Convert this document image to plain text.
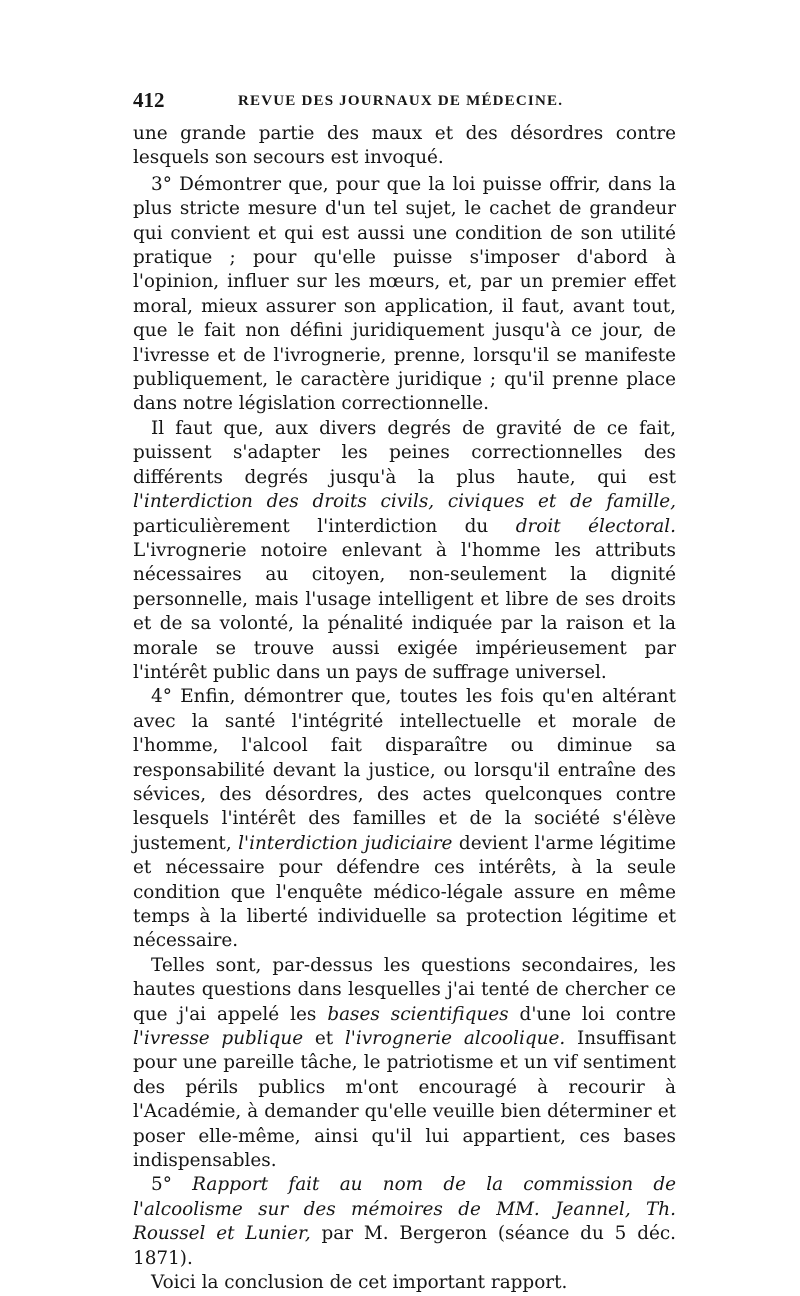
412	REVUE DES JOURNAUX DE MÉDECINE.

une grande partie des maux et des désordres contre lesquels son secours est invoqué.

3° Démontrer que, pour que la loi puisse offrir, dans la plus stricte mesure d'un tel sujet, le cachet de grandeur qui convient et qui est aussi une condition de son utilité pratique ; pour qu'elle puisse s'imposer d'abord à l'opinion, influer sur les mœurs, et, par un premier effet moral, mieux assurer son application, il faut, avant tout, que le fait non défini juridiquement jusqu'à ce jour, de l'ivresse et de l'ivrognerie, prenne, lorsqu'il se manifeste publiquement, le caractère juridique ; qu'il prenne place dans notre législation correctionnelle.

Il faut que, aux divers degrés de gravité de ce fait, puissent s'adapter les peines correctionnelles des différents degrés jusqu'à la plus haute, qui est l'interdiction des droits civils, civiques et de famille, particulièrement l'interdiction du droit électoral. L'ivrognerie notoire enlevant à l'homme les attributs nécessaires au citoyen, non-seulement la dignité personnelle, mais l'usage intelligent et libre de ses droits et de sa volonté, la pénalité indiquée par la raison et la morale se trouve aussi exigée impérieusement par l'intérêt public dans un pays de suffrage universel.

4° Enfin, démontrer que, toutes les fois qu'en altérant avec la santé l'intégrité intellectuelle et morale de l'homme, l'alcool fait disparaître ou diminue sa responsabilité devant la justice, ou lorsqu'il entraîne des sévices, des désordres, des actes quelconques contre lesquels l'intérêt des familles et de la société s'élève justement, l'interdiction judiciaire devient l'arme légitime et nécessaire pour défendre ces intérêts, à la seule condition que l'enquête médico-légale assure en même temps à la liberté individuelle sa protection légitime et nécessaire.

Telles sont, par-dessus les questions secondaires, les hautes questions dans lesquelles j'ai tenté de chercher ce que j'ai appelé les bases scientifiques d'une loi contre l'ivresse publique et l'ivrognerie alcoolique. Insuffisant pour une pareille tâche, le patriotisme et un vif sentiment des périls publics m'ont encouragé à recourir à l'Académie, à demander qu'elle veuille bien déterminer et poser elle-même, ainsi qu'il lui appartient, ces bases indispensables.

5° Rapport fait au nom de la commission de l'alcoolisme sur des mémoires de MM. Jeannel, Th. Roussel et Lunier, par M. Bergeron (séance du 5 déc. 1871).

Voici la conclusion de cet important rapport.
